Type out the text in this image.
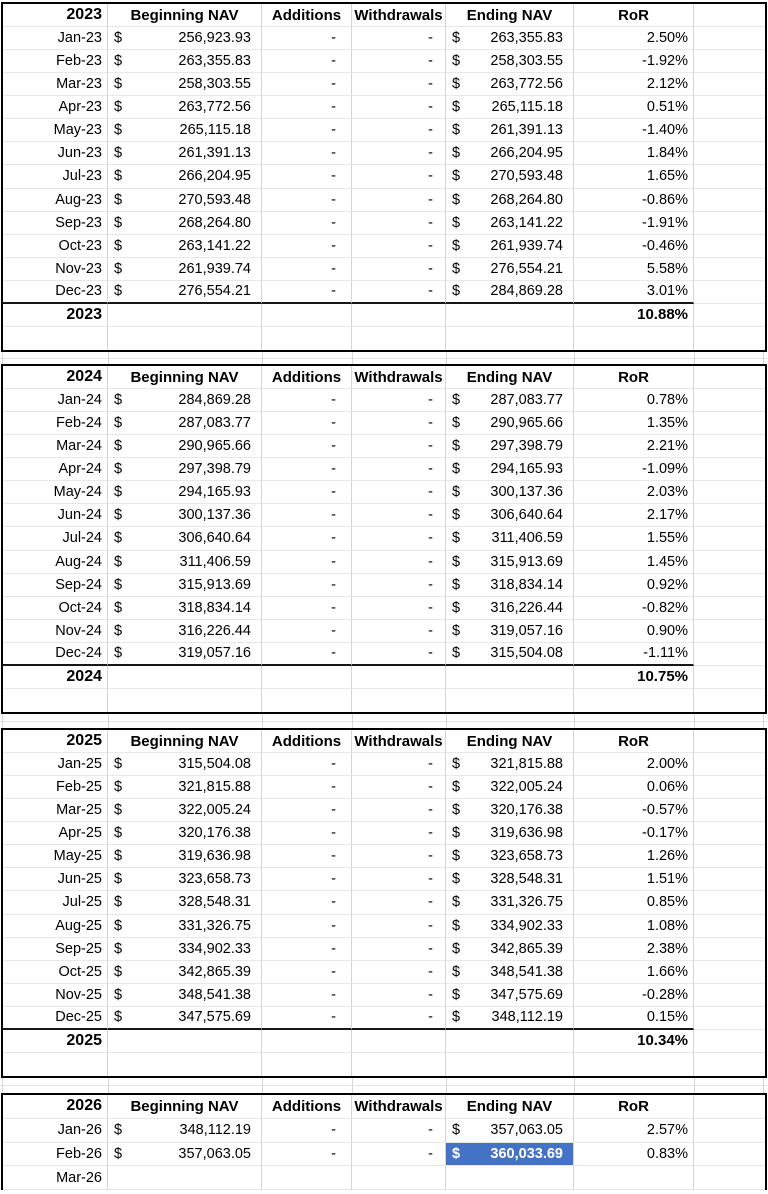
2023	Beginning NAV	Additions Withdrawals	Ending NAV	RoR
Jan-23 $	256,923.93	-	-	$ 263,355.83	2.50%
Feb-23 $	263,355.83	-	-	$ 258,303.55	-1.92%
Mar-23 $	258,303.55	-	-	$ 263,772.56	2.12%
Apr-23 $	263,772.56	-	-	$ 265,115.18	0.51%
May-23 $	265,115.18	-	-	$ 261,391.13	-1.40%
Jun-23 $	261,391.13	-	-	$ 266,204.95	1.84%
Jul-23 $	266,204.95	-	-	$ 270,593.48	1.65%
Aug-23 $	270,593.48	-	-	$ 268,264.80	-0.86%
Sep-23 $	268,264.80	-	-	$ 263,141.22	-1.91%
Oct-23 $	263,141.22	-	-	$ 261,939.74	-0.46%
Nov-23 $	261,939.74	-	-	$ 276,554.21	5.58%
Dec-23 $	276,554.21	-	-	$ 284,869.28	3.01%
2023	10.88%
2024	Beginning NAV	Additions Withdrawals	Ending NAV	RoR
Jan-24 $	284,869.28	-	-	$ 287,083.77	0.78%
Feb-24 $	287,083.77	-	-	$ 290,965.66	1.35%
Mar-24 $	290,965.66	-	-	$ 297,398.79	2.21%
Apr-24 $	297,398.79	-	-	$ 294,165.93	-1.09%
May-24 $	294,165.93	-	-	$ 300,137.36	2.03%
Jun-24 $	300,137.36	-	-	$ 306,640.64	2.17%
Jul-24 $	306,640.64	-	-	$ 311,406.59	1.55%
Aug-24 $	311,406.59	-	-	$ 315,913.69	1.45%
Sep-24 $	315,913.69	-	-	$ 318,834.14	0.92%
Oct-24 $	318,834.14	-	-	$ 316,226.44	-0.82%
Nov-24 $	316,226.44	-	-	$ 319,057.16	0.90%
Dec-24 $	319,057.16	-	-	$ 315,504.08	-1.11%
2024	10.75%
2025	Beginning NAV	Additions Withdrawals	Ending NAV	RoR
Jan-25 $	315,504.08	-	-	$ 321,815.88	2.00%
Feb-25 $	321,815.88	-	-	$ 322,005.24	0.06%
Mar-25 $	322,005.24	-	-	$ 320,176.38	-0.57%
Apr-25 $	320,176.38	-	-	$ 319,636.98	-0.17%
May-25 $	319,636.98	-	-	$ 323,658.73	1.26%
Jun-25 $	323,658.73	-	-	$ 328,548.31	1.51%
Jul-25 $	328,548.31	-	-	$ 331,326.75	0.85%
Aug-25 $	331,326.75	-	-	$ 334,902.33	1.08%
Sep-25 $	334,902.33	-	-	$ 342,865.39	2.38%
Oct-25 $	342,865.39	-	-	$ 348,541.38	1.66%
Nov-25 $	348,541.38	-	-	$ 347,575.69	-0.28%
Dec-25 $	347,575.69	-	-	$ 348,112.19	0.15%
2025	10.34%
2026	Beginning NAV	Additions Withdrawals	Ending NAV	RoR
Jan-26 $	348,112.19	-	-	$ 357,063.05	2.57%
Feb-26 $	357,063.05	-	-	$ 360,033.69	0.83%
Mar-26
